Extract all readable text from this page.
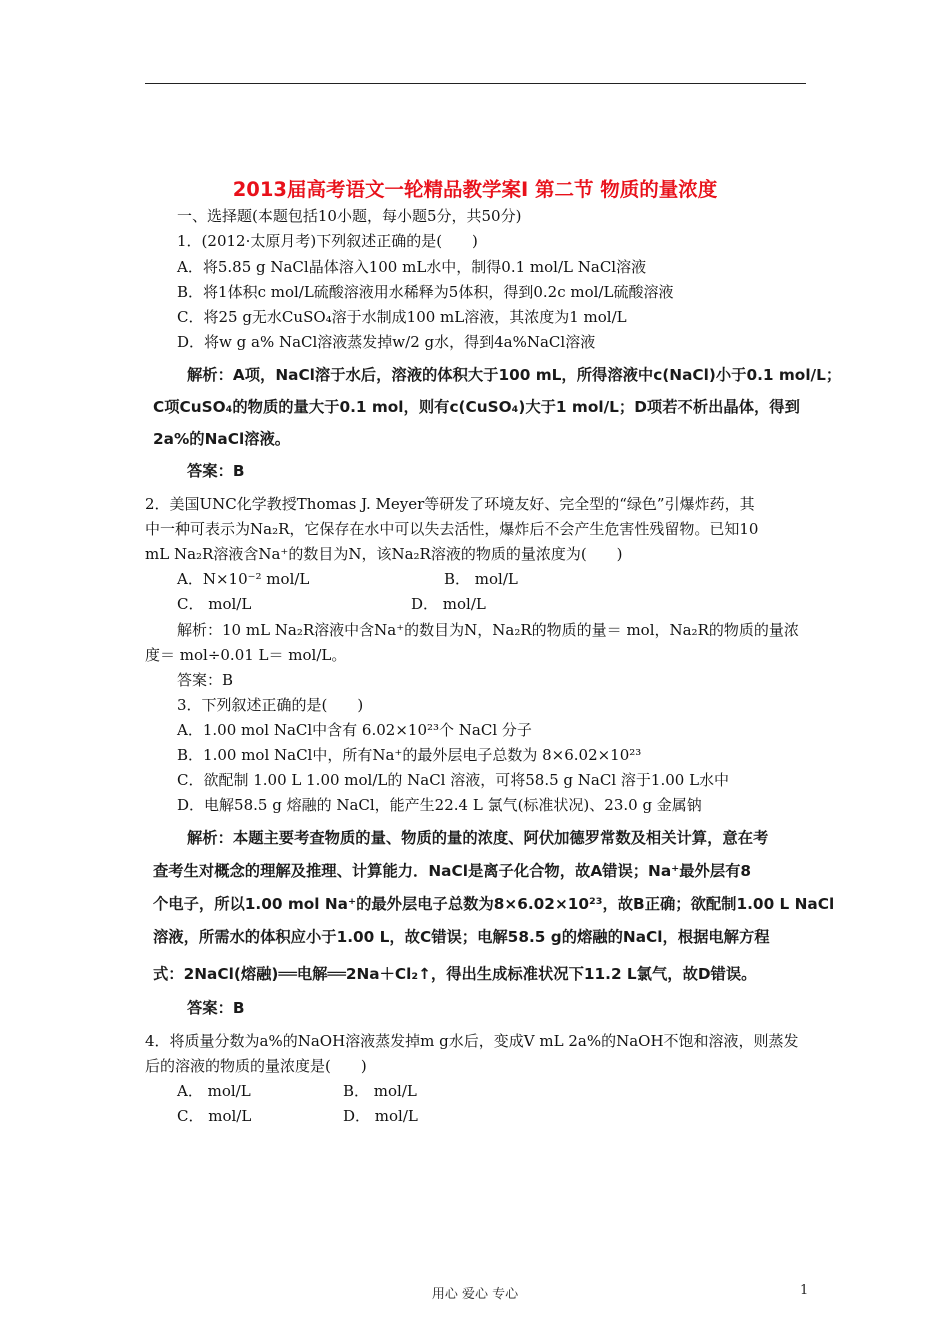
2013届高考语文一轮精品教学案Ⅰ 第二节 物质的量浓度
一、选择题(本题包括10小题，每小题5分，共50分)
1．(2012·太原月考)下列叙述正确的是(　　)
A．将5.85 g NaCl晶体溶入100 mL水中，制得0.1 mol/L NaCl溶液
B．将1体积c mol/L硫酸溶液用水稀释为5体积，得到0.2c mol/L硫酸溶液
C．将25 g无水CuSO₄溶于水制成100 mL溶液，其浓度为1 mol/L
D．将w g a% NaCl溶液蒸发掉w/2 g水，得到4a%NaCl溶液
解析：A项，NaCl溶于水后，溶液的体积大于100 mL，所得溶液中c(NaCl)小于0.1 mol/L；
C项CuSO₄的物质的量大于0.1 mol，则有c(CuSO₄)大于1 mol/L；D项若不析出晶体，得到
2a%的NaCl溶液。
答案：B
2．美国UNC化学教授Thomas J. Meyer等研发了环境友好、完全型的“绿色”引爆炸药，其
中一种可表示为Na₂R，它保存在水中可以失去活性，爆炸后不会产生危害性残留物。已知10
mL Na₂R溶液含Na⁺的数目为N，该Na₂R溶液的物质的量浓度为(　　)
A．N×10⁻² mol/L	B． mol/L
C． mol/L	D． mol/L
解析：10 mL Na₂R溶液中含Na⁺的数目为N，Na₂R的物质的量＝ mol，Na₂R的物质的量浓
度＝ mol÷0.01 L＝ mol/L。
答案：B
3．下列叙述正确的是(　　)
A．1.00 mol NaCl中含有 6.02×10²³个 NaCl 分子
B．1.00 mol NaCl中，所有Na⁺的最外层电子总数为 8×6.02×10²³
C．欲配制 1.00 L 1.00 mol/L的 NaCl 溶液，可将58.5 g NaCl 溶于1.00 L水中
D．电解58.5 g 熔融的 NaCl，能产生22.4 L 氯气(标准状况)、23.0 g 金属钠
解析：本题主要考查物质的量、物质的量的浓度、阿伏加德罗常数及相关计算，意在考
查考生对概念的理解及推理、计算能力．NaCl是离子化合物，故A错误；Na⁺最外层有8
个电子，所以1.00 mol Na⁺的最外层电子总数为8×6.02×10²³，故B正确；欲配制1.00 L NaCl
溶液，所需水的体积应小于1.00 L，故C错误；电解58.5 g的熔融的NaCl，根据电解方程
式：2NaCl(熔融)══电解══2Na＋Cl₂↑，得出生成标准状况下11.2 L氯气，故D错误。
答案：B
4．将质量分数为a%的NaOH溶液蒸发掉m g水后，变成V mL 2a%的NaOH不饱和溶液，则蒸发
后的溶液的物质的量浓度是(　　)
A． mol/L	B． mol/L
C． mol/L	D． mol/L
用心 爱心 专心	1
